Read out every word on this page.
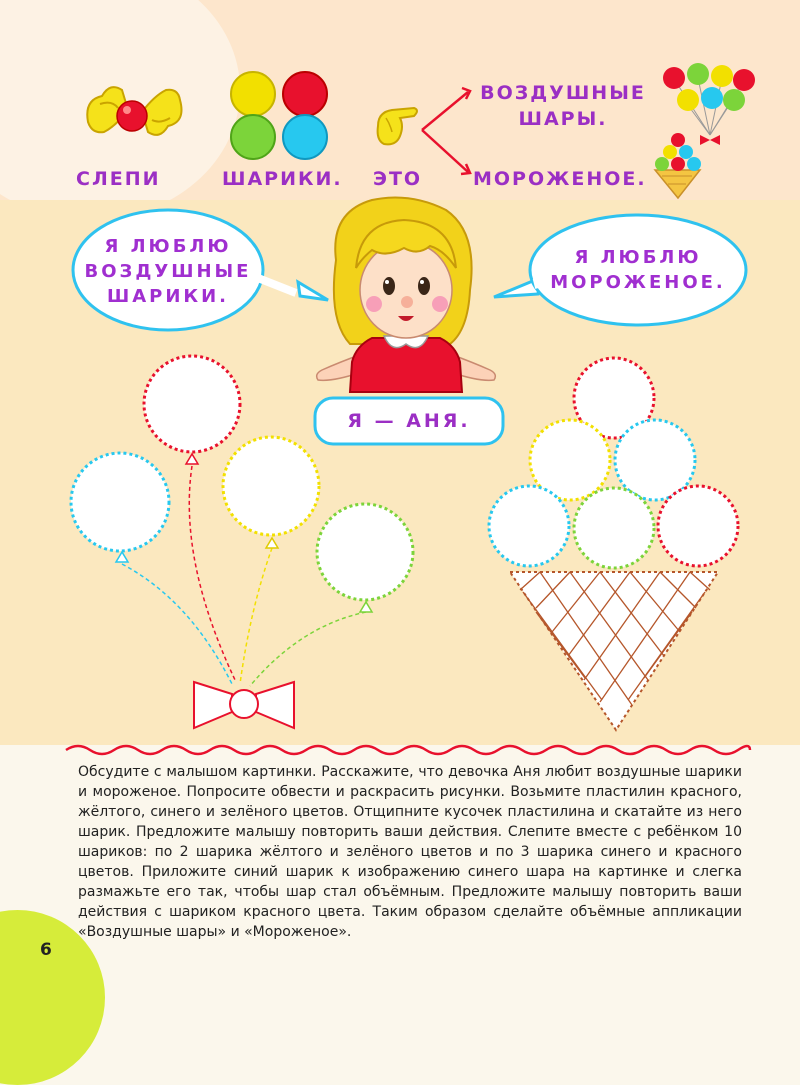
СЛЕПИ	ШАРИКИ. ЭТО
ВОЗДУШНЫЕ
ШАРЫ.
МОРОЖЕНОЕ.
Я ЛЮБЛЮ
ВОЗДУШНЫЕ
ШАРИКИ.
Я ЛЮБЛЮ
МОРОЖЕНОЕ.
Я — АНЯ.
Обсудите с малышом картинки. Расскажите, что девочка Аня любит воздушные шарики и мороженое. Попросите обвести и раскрасить рисунки. Возьмите пластилин красного, жёлтого, синего и зелёного цветов. Отщипните кусочек пластилина и скатайте из него шарик. Предложите малышу повторить ваши действия. Слепите вместе с ребёнком 10 шариков: по 2 шарика жёлтого и зелёного цветов и по 3 шарика синего и красного цветов. Приложите синий шарик к изображению синего шара на картинке и слегка размажьте его так, чтобы шар стал объёмным. Предложите малышу повторить ваши действия с шариком красного цвета. Таким образом сделайте объёмные аппликации «Воздушные шары» и «Мороженое».
6
